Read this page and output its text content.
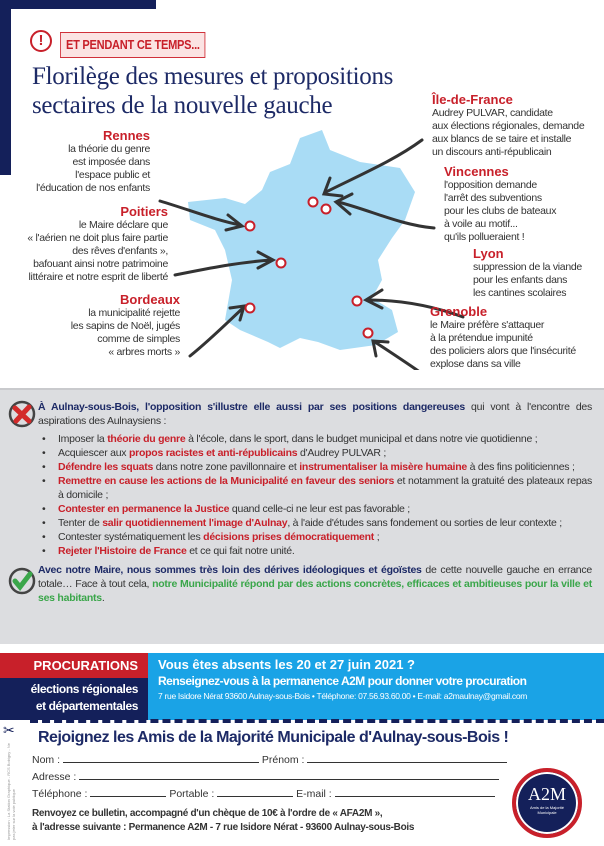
!	ET PENDANT CE TEMPS...
Florilège des mesures et propositions
sectaires de la nouvelle gauche
Rennes
la théorie du genre
est imposée dans
l'espace public et
l'éducation de nos enfants
Poitiers
le Maire déclare que
« l'aérien ne doit plus faire partie
des rêves d'enfants »,
bafouant ainsi notre patrimoine
littéraire et notre esprit de liberté
Bordeaux
la municipalité rejette
les sapins de Noël, jugés
comme de simples
« arbres morts »
Île-de-France
Audrey PULVAR, candidate
aux élections régionales, demande
aux blancs de se taire et installe
un discours anti-républicain
Vincennes
l'opposition demande
l'arrêt des subventions
pour les clubs de bateaux
à voile au motif...
qu'ils pollueraient !
Lyon
suppression de la viande
pour les enfants dans
les cantines scolaires
Grenoble
le Maire préfère s'attaquer
à la prétendue impunité
des policiers alors que l'insécurité
explose dans sa ville
À Aulnay-sous-Bois, l'opposition s'illustre elle aussi par ses positions dangereuses qui vont à l'encontre des aspirations des Aulnaysiens :
• Imposer la théorie du genre à l'école, dans le sport, dans le budget municipal et dans notre vie quotidienne ;
• Acquiescer aux propos racistes et anti-républicains d'Audrey PULVAR ;
• Défendre les squats dans notre zone pavillonnaire et instrumentaliser la misère humaine à des fins politiciennes ;
• Remettre en cause les actions de la Municipalité en faveur des seniors et notamment la gratuité des plateaux repas à domicile ;
• Contester en permanence la Justice quand celle-ci ne leur est pas favorable ;
• Tenter de salir quotidiennement l'image d'Aulnay, à l'aide d'études sans fondement ou sorties de leur contexte ;
• Contester systématiquement les décisions prises démocratiquement ;
• Rejeter l'Histoire de France et ce qui fait notre unité.
Avec notre Maire, nous sommes très loin des dérives idéologiques et égoïstes de cette nouvelle gauche en errance totale… Face à tout cela, notre Municipalité répond par des actions concrètes, efficaces et ambitieuses pour la ville et ses habitants.
PROCURATIONS
élections régionales
et départementales
Vous êtes absents les 20 et 27 juin 2021 ?
Renseignez-vous à la permanence A2M pour donner votre procuration
7 rue Isidore Nérat 93600 Aulnay-sous-Bois • Téléphone: 07.56.93.60.00 • E-mail: a2maulnay@gmail.com
✂ Rejoignez les Amis de la Majorité Municipale d'Aulnay-sous-Bois !
Nom :	Prénom :
Adresse :
Téléphone :	Portable :	E-mail :
Renvoyez ce bulletin, accompagné d'un chèque de 10€ à l'ordre de « AFA2M »,
à l'adresse suivante : Permanence A2M - 7 rue Isidore Nérat - 93600 Aulnay-sous-Bois
A2M
Amis de la Majorité Municipale
Impression : La Station Graphique - RCS Bobigny - Ne pas jeter sur la voie publique
